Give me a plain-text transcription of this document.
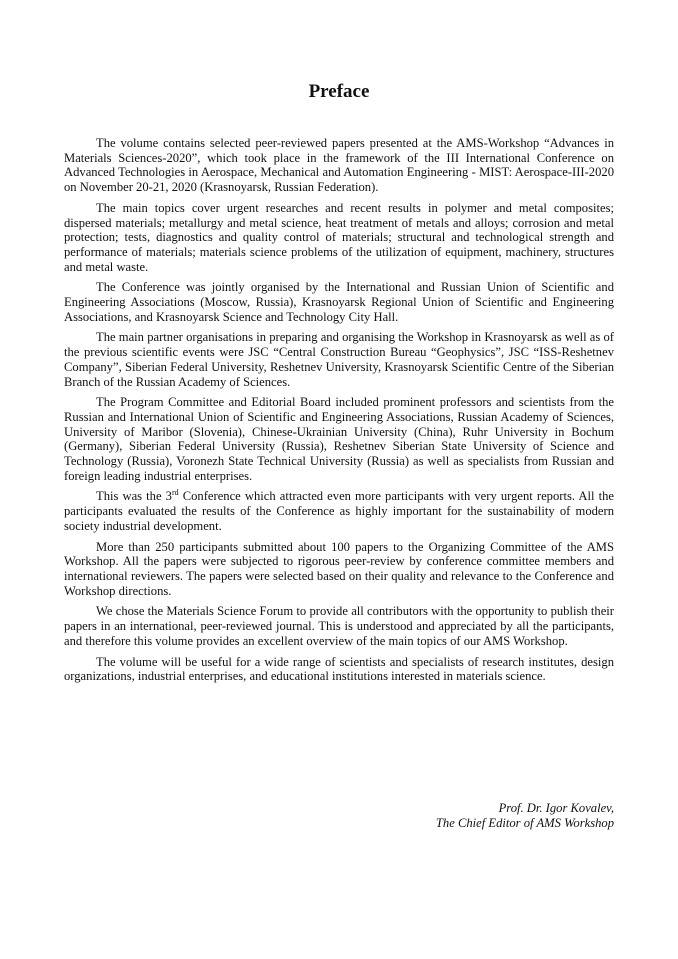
Preface

The volume contains selected peer-reviewed papers presented at the AMS-Workshop “Advances in Materials Sciences-2020”, which took place in the framework of the III International Conference on Advanced Technologies in Aerospace, Mechanical and Automation Engineering - MIST: Aerospace-III-2020 on November 20-21, 2020 (Krasnoyarsk, Russian Federation).

The main topics cover urgent researches and recent results in polymer and metal composites; dispersed materials; metallurgy and metal science, heat treatment of metals and alloys; corrosion and metal protection; tests, diagnostics and quality control of materials; structural and technological strength and performance of materials; materials science problems of the utilization of equipment, machinery, structures and metal waste.

The Conference was jointly organised by the International and Russian Union of Scientific and Engineering Associations (Moscow, Russia), Krasnoyarsk Regional Union of Scientific and Engineering Associations, and Krasnoyarsk Science and Technology City Hall.

The main partner organisations in preparing and organising the Workshop in Krasnoyarsk as well as of the previous scientific events were JSC “Central Construction Bureau “Geophysics”, JSC “ISS-Reshetnev Company”, Siberian Federal University, Reshetnev University, Krasnoyarsk Scientific Centre of the Siberian Branch of the Russian Academy of Sciences.

The Program Committee and Editorial Board included prominent professors and scientists from the Russian and International Union of Scientific and Engineering Associations, Russian Academy of Sciences, University of Maribor (Slovenia), Chinese-Ukrainian University (China), Ruhr University in Bochum (Germany), Siberian Federal University (Russia), Reshetnev Siberian State University of Science and Technology (Russia), Voronezh State Technical University (Russia) as well as specialists from Russian and foreign leading industrial enterprises.

This was the 3rd Conference which attracted even more participants with very urgent reports. All the participants evaluated the results of the Conference as highly important for the sustainability of modern society industrial development.

More than 250 participants submitted about 100 papers to the Organizing Committee of the AMS Workshop. All the papers were subjected to rigorous peer-review by conference committee members and international reviewers. The papers were selected based on their quality and relevance to the Conference and Workshop directions.

We chose the Materials Science Forum to provide all contributors with the opportunity to publish their papers in an international, peer-reviewed journal. This is understood and appreciated by all the participants, and therefore this volume provides an excellent overview of the main topics of our AMS Workshop.

The volume will be useful for a wide range of scientists and specialists of research institutes, design organizations, industrial enterprises, and educational institutions interested in materials science.

Prof. Dr. Igor Kovalev,
The Chief Editor of AMS Workshop
